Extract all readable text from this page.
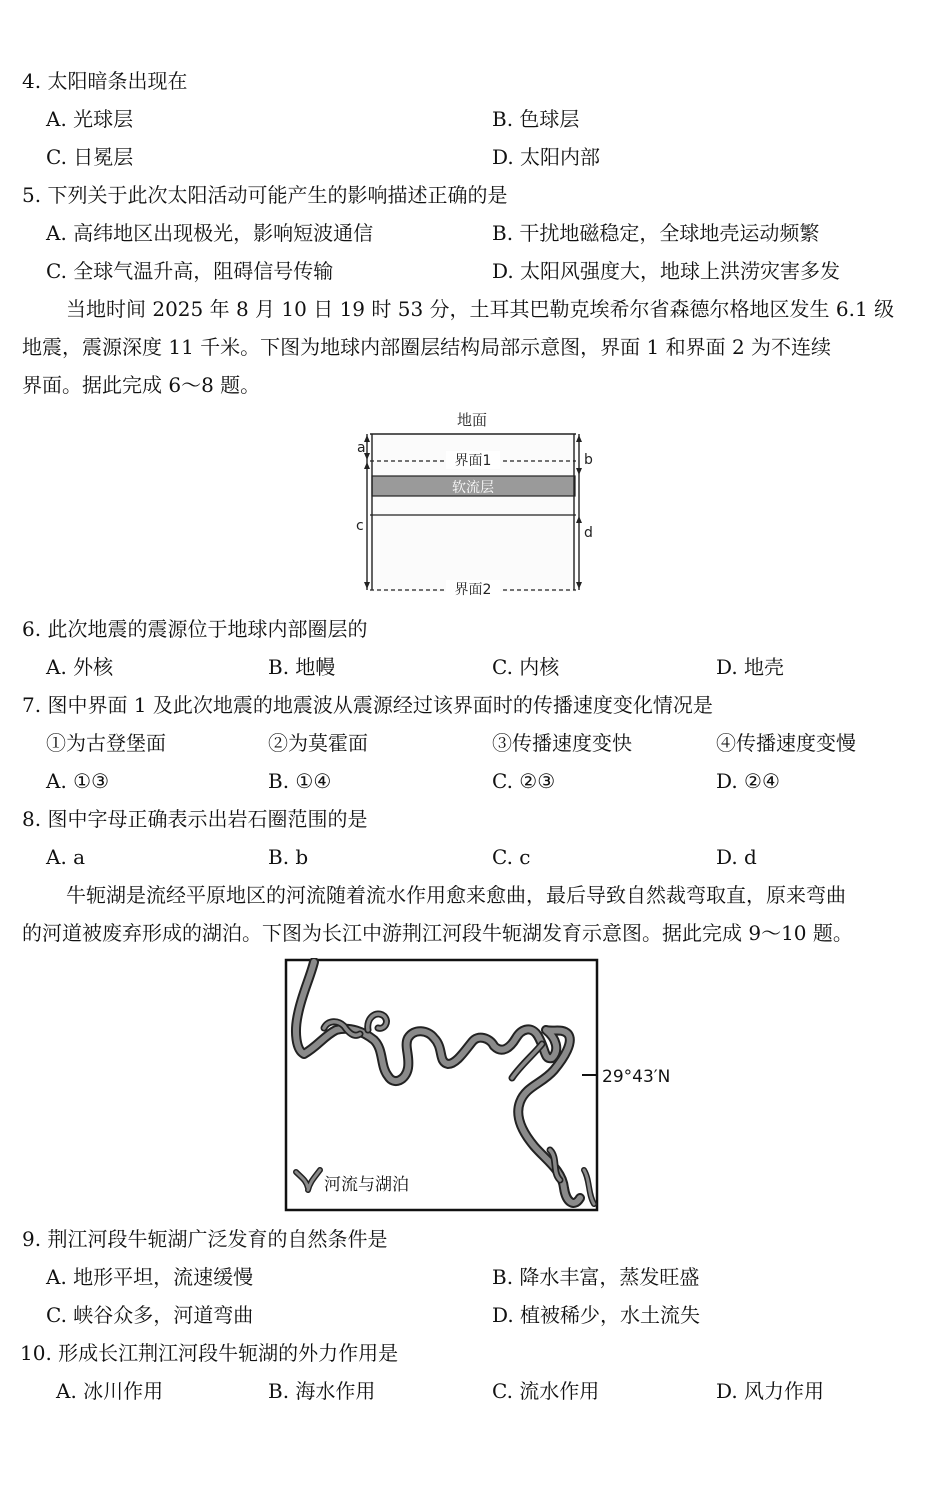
4. 太阳暗条出现在
A. 光球层	B. 色球层
C. 日冕层	D. 太阳内部
5. 下列关于此次太阳活动可能产生的影响描述正确的是
A. 高纬地区出现极光，影响短波通信	B. 干扰地磁稳定，全球地壳运动频繁
C. 全球气温升高，阻碍信号传输	D. 太阳风强度大，地球上洪涝灾害多发
当地时间 2025 年 8 月 10 日 19 时 53 分，土耳其巴勒克埃希尔省森德尔格地区发生 6.1 级
地震，震源深度 11 千米。下图为地球内部圈层结构局部示意图，界面 1 和界面 2 为不连续
界面。据此完成 6～8 题。
地面
界面1
软流层
界面2
a
c
b
d
6. 此次地震的震源位于地球内部圈层的
A. 外核	B. 地幔	C. 内核	D. 地壳
7. 图中界面 1 及此次地震的地震波从震源经过该界面时的传播速度变化情况是
①为古登堡面	②为莫霍面	③传播速度变快	④传播速度变慢
A. ①③	B. ①④	C. ②③	D. ②④
8. 图中字母正确表示出岩石圈范围的是
A. a	B. b	C. c	D. d
牛轭湖是流经平原地区的河流随着流水作用愈来愈曲，最后导致自然裁弯取直，原来弯曲
的河道被废弃形成的湖泊。下图为长江中游荆江河段牛轭湖发育示意图。据此完成 9～10 题。
29°43′N
河流与湖泊
9. 荆江河段牛轭湖广泛发育的自然条件是
A. 地形平坦，流速缓慢	B. 降水丰富，蒸发旺盛
C. 峡谷众多，河道弯曲	D. 植被稀少，水土流失
10. 形成长江荆江河段牛轭湖的外力作用是
A. 冰川作用	B. 海水作用	C. 流水作用	D. 风力作用
